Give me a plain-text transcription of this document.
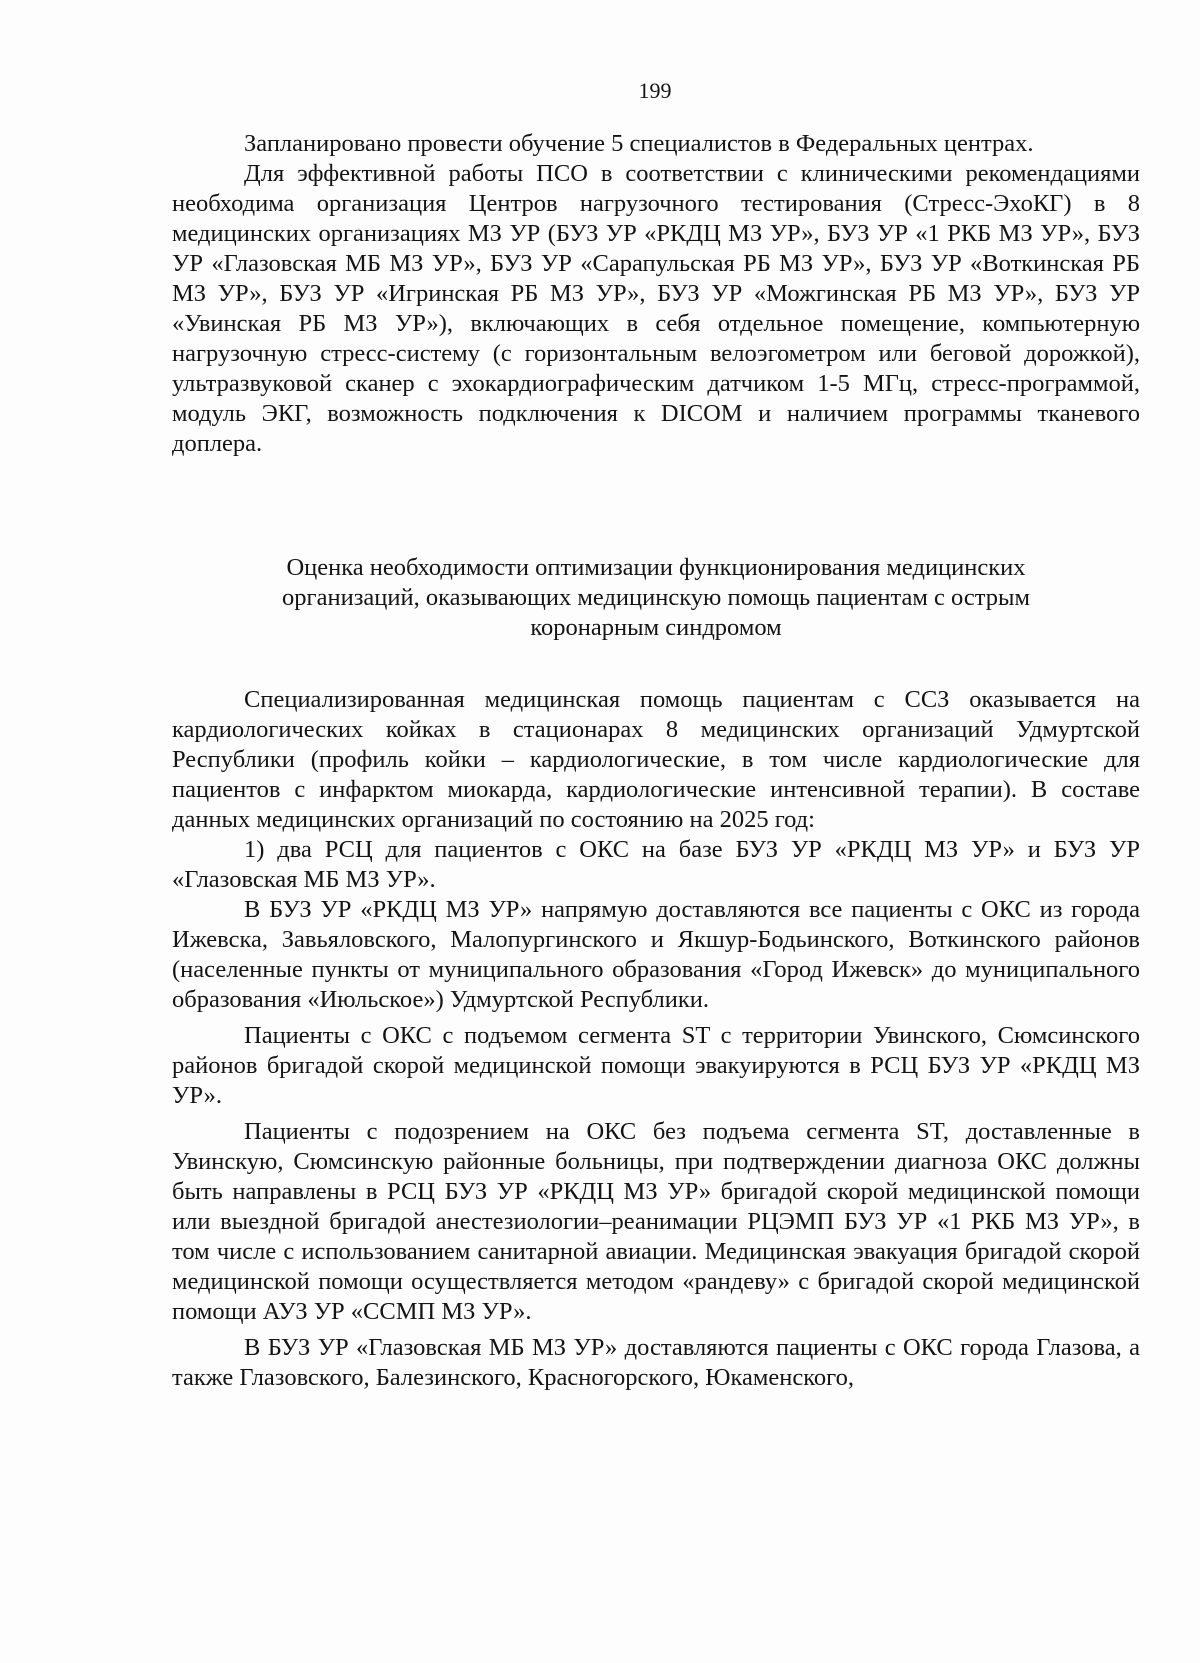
199

Запланировано провести обучение 5 специалистов в Федеральных центрах.

Для эффективной работы ПСО в соответствии с клиническими рекомендациями необходима организация Центров нагрузочного тестирования (Стресс-ЭхоКГ) в 8 медицинских организациях МЗ УР (БУЗ УР «РКДЦ МЗ УР», БУЗ УР «1 РКБ МЗ УР», БУЗ УР «Глазовская МБ МЗ УР», БУЗ УР «Сарапульская РБ МЗ УР», БУЗ УР «Воткинская РБ МЗ УР», БУЗ УР «Игринская РБ МЗ УР», БУЗ УР «Можгинская РБ МЗ УР», БУЗ УР «Увинская РБ МЗ УР»), включающих в себя отдельное помещение, компьютерную нагрузочную стресс-систему (с горизонтальным велоэгометром или беговой дорожкой), ультразвуковой сканер с эхокардиографическим датчиком 1-5 МГц, стресс-программой, модуль ЭКГ, возможность подключения к DICOM и наличием программы тканевого доплера.

Оценка необходимости оптимизации функционирования медицинских
организаций, оказывающих медицинскую помощь пациентам с острым
коронарным синдромом

Специализированная медицинская помощь пациентам с ССЗ оказывается на кардиологических койках в стационарах 8 медицинских организаций Удмуртской Республики (профиль койки – кардиологические, в том числе кардиологические для пациентов с инфарктом миокарда, кардиологические интенсивной терапии). В составе данных медицинских организаций по состоянию на 2025 год:

1) два РСЦ для пациентов с ОКС на базе БУЗ УР «РКДЦ МЗ УР» и БУЗ УР «Глазовская МБ МЗ УР».

В БУЗ УР «РКДЦ МЗ УР» напрямую доставляются все пациенты с ОКС из города Ижевска, Завьяловского, Малопургинского и Якшур-Бодьинского, Воткинского районов (населенные пункты от муниципального образования «Город Ижевск» до муниципального образования «Июльское») Удмуртской Республики.

Пациенты с ОКС с подъемом сегмента ST с территории Увинского, Сюмсинского районов бригадой скорой медицинской помощи эвакуируются в РСЦ БУЗ УР «РКДЦ МЗ УР».

Пациенты с подозрением на ОКС без подъема сегмента ST, доставленные в Увинскую, Сюмсинскую районные больницы, при подтверждении диагноза ОКС должны быть направлены в РСЦ БУЗ УР «РКДЦ МЗ УР» бригадой скорой медицинской помощи или выездной бригадой анестезиологии–реанимации РЦЭМП БУЗ УР «1 РКБ МЗ УР», в том числе с использованием санитарной авиации. Медицинская эвакуация бригадой скорой медицинской помощи осуществляется методом «рандеву» с бригадой скорой медицинской помощи АУЗ УР «ССМП МЗ УР».

В БУЗ УР «Глазовская МБ МЗ УР» доставляются пациенты с ОКС города Глазова, а также Глазовского, Балезинского, Красногорского, Юкаменского,
